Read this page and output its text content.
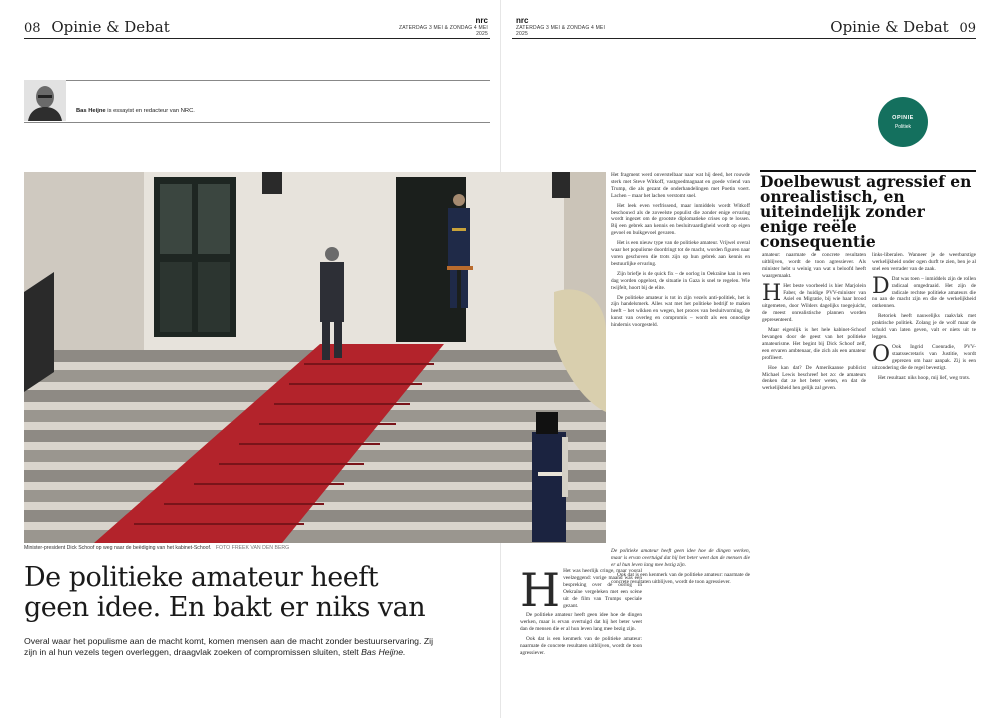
08 Opinie & Debat	nrc
ZATERDAG 3 MEI & ZONDAG 4 MEI 2025
nrc
ZATERDAG 3 MEI & ZONDAG 4 MEI 2025	Opinie & Debat 09
Bas Heijne is essayist en redacteur van NRC.
OPINIE
Politiek
Minister-president Dick Schoof op weg naar de beëdiging van het kabinet-Schoof. FOTO FREEK VAN DEN BERG
De politieke amateur heeft geen idee. En bakt er niks van
Overal waar het populisme aan de macht komt, komen mensen aan de macht zonder bestuurservaring. Zij zijn in al hun vezels tegen overleggen, draagvlak zoeken of compromissen sluiten, stelt Bas Heijne.

Het fragment werd onverstelbaar naar wat hij deed, het rouwde sterk met Steve Witkoff, vastgoedmagnaat en goede vriend van Trump, die als gezant de onderhandelingen met Poetin voert. Lachen – maar het lachen verstomt snel.

Het leek even verfrissend, maar inmiddels wordt Witkoff beschouwd als de zoveelste populist die zonder enige ervaring wordt ingezet om de grootste diplomatieke crises op te lossen. Bij een gebrek aan kennis en besluitvaardigheid wordt op eigen gevoel en buikgevoel gevaren.

Het is een nieuw type van de politieke amateur. Vrijwel overal waar het populisme doordringt tot de macht, worden figuren naar voren geschoven die trots zijn op hun gebrek aan kennis en bestuurlijke ervaring.

Zijn briefje is de quick fix – de oorlog in Oekraïne kan in een dag worden opgelost, de situatie in Gaza is snel te regelen. Wie twijfelt, hoort bij de elite.

De politieke amateur is tot in zijn vezels anti-politiek, het is zijn handelsmerk. Alles wat met het politieke bedrijf te maken heeft – het wikken en wegen, het proces van besluitvorming, de kunst van overleg en compromis – wordt als een onnodige hindernis voorgesteld.

H Het was heerlijk cringe, maar vooral veelzeggend: vorige maand was een bespreking over de oorlog in Oekraïne vergeleken met een scène uit de film van Trumps speciale gezant.

De politieke amateur heeft geen idee hoe de dingen werken, maar is ervan overtuigd dat hij het beter weet dan de mensen die er al hun leven lang mee bezig zijn.

Ook dat is een kenmerk van de politieke amateur: naarmate de concrete resultaten uitblijven, wordt de toon agressiever.

De politieke amateur heeft geen idee hoe de dingen werken, maar is ervan overtuigd dat hij het beter weet dan de mensen die er al hun leven lang mee bezig zijn.

Ook dat is een kenmerk van de politieke amateur: naarmate de concrete resultaten uitblijven, wordt de toon agressiever.

amateur: naarmate de concrete resultaten uitblijven, wordt de toon agressiever. Als minister hebt u weinig van wat u beloofd heeft waargemaakt.

H Het beste voorbeeld is hier Marjolein Faber, de huidige PVV-minister van Asiel en Migratie, bij wie haar brood uitgemeten, door Wilders dagelijks toegejuicht, de meest onrealistische plannen worden gepresenteerd.

Maar eigenlijk is het hele kabinet-Schoof bevangen door de geest van het politieke amateurisme. Het begint bij Dick Schoof zelf, een ervaren ambtenaar, die zich als een amateur profileert.

Hoe kan dat? De Amerikaanse publicist Michael Lewis beschreef het zo: de amateurs denken dat ze het beter weten, en dat de werkelijkheid hen gelijk zal geven.

Doelbewust agressief en onrealistisch, en uiteindelijk zonder enige reële consequentie

links-liberalen. Wanneer je de weerbarstige werkelijkheid onder ogen durft te zien, ben je al snel een verrader van de zaak.

D Dat was toen – inmiddels zijn de rollen radicaal omgedraaid. Het zijn de radicale rechtse politieke amateurs die nu aan de macht zijn en die de werkelijkheid ontkennen.

Retoriek heeft nauwelijks raakvlak met praktische politiek. Zolang je de wolf maar de schuld van laten geven, valt er niets uit te leggen.

O Ook Ingrid Coenradie, PVV-staatssecretaris van Justitie, wordt geprezen om haar aanpak. Zij is een uitzondering die de regel bevestigt.

Het resultaat: niks hoop, mij lief, weg trots.
